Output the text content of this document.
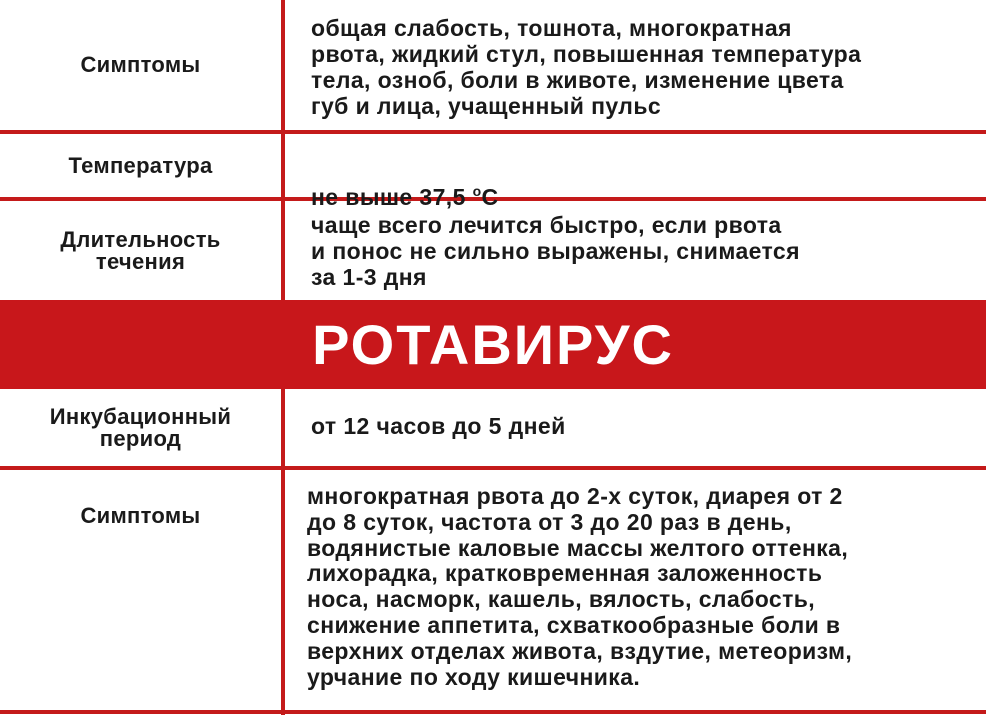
Симптомы
общая слабость, тошнота, многократная
рвота, жидкий стул, повышенная температура
тела, озноб, боли в животе, изменение цвета
губ и лица, учащенный пульс
Температура

не выше 37,5 $^о$С

Длительность
течения
чаще всего лечится быстро, если рвота
и понос не сильно выражены, снимается
за 1-3 дня
РОТАВИРУС
Инкубационный
период	от 12 часов до 5 дней
Симптомы
многократная рвота до 2-х суток, диарея от 2
до 8 суток, частота от 3 до 20 раз в день,
водянистые каловые массы желтого оттенка,
лихорадка, кратковременная заложенность
носа, насморк, кашель, вялость, слабость,
снижение аппетита, схваткообразные боли в
верхних отделах живота, вздутие, метеоризм,
урчание по ходу кишечника.
